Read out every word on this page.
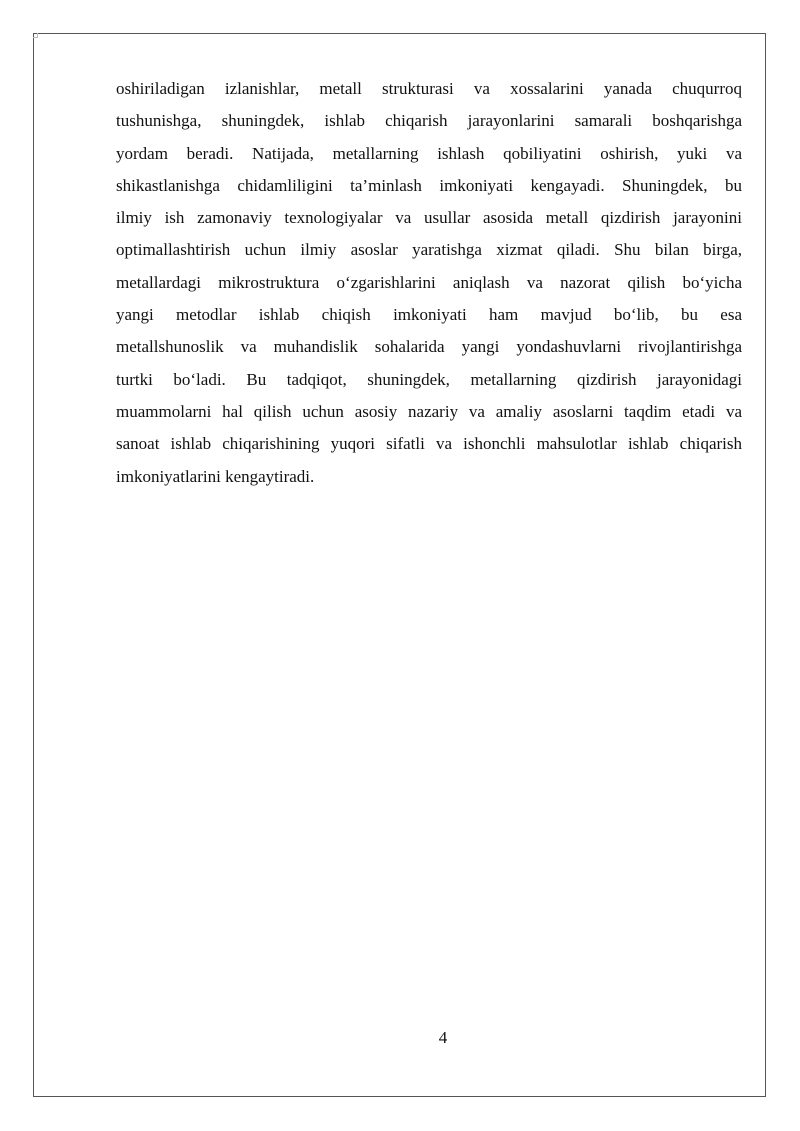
oshiriladigan izlanishlar, metall strukturasi va xossalarini yanada chuqurroq
tushunishga, shuningdek, ishlab chiqarish jarayonlarini samarali boshqarishga
yordam beradi. Natijada, metallarning ishlash qobiliyatini oshirish, yuki va
shikastlanishga chidamliligini ta’minlash imkoniyati kengayadi. Shuningdek, bu
ilmiy ish zamonaviy texnologiyalar va usullar asosida metall qizdirish jarayonini
optimallashtirish uchun ilmiy asoslar yaratishga xizmat qiladi. Shu bilan birga,
metallardagi mikrostruktura o‘zgarishlarini aniqlash va nazorat qilish bo‘yicha
yangi metodlar ishlab chiqish imkoniyati ham mavjud bo‘lib, bu esa
metallshunoslik va muhandislik sohalarida yangi yondashuvlarni rivojlantirishga
turtki bo‘ladi. Bu tadqiqot, shuningdek, metallarning qizdirish jarayonidagi
muammolarni hal qilish uchun asosiy nazariy va amaliy asoslarni taqdim etadi va
sanoat ishlab chiqarishining yuqori sifatli va ishonchli mahsulotlar ishlab chiqarish
imkoniyatlarini kengaytiradi.
4
